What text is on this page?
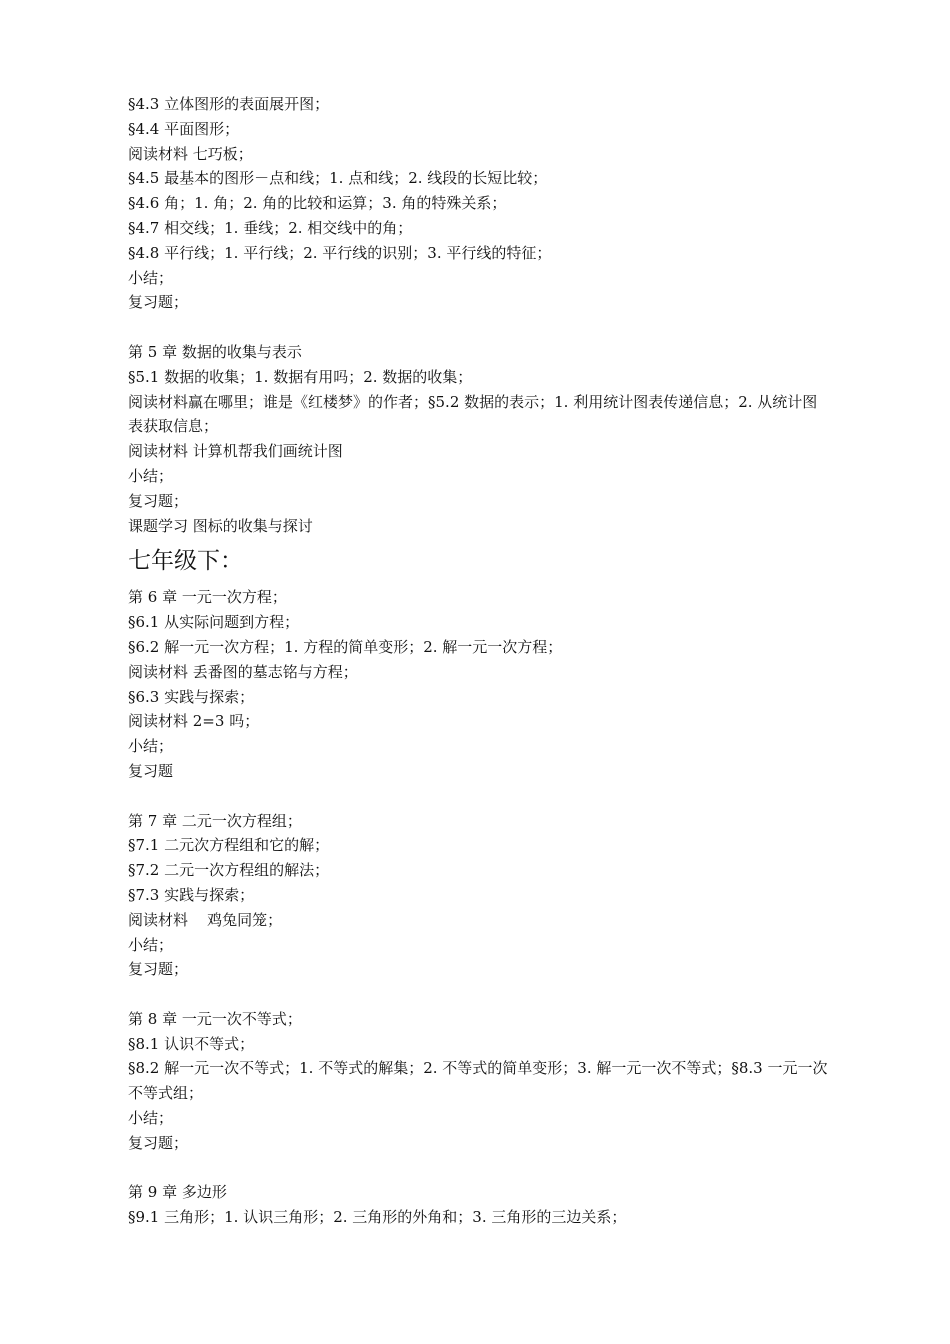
§4.3 立体图形的表面展开图；
§4.4 平面图形；
阅读材料 七巧板；
§4.5 最基本的图形－点和线；1. 点和线；2. 线段的长短比较；
§4.6 角；1. 角；2. 角的比较和运算；3. 角的特殊关系；
§4.7 相交线；1. 垂线；2. 相交线中的角；
§4.8 平行线；1. 平行线；2. 平行线的识别；3. 平行线的特征；
小结；
复习题；
第 5 章 数据的收集与表示
§5.1 数据的收集；1. 数据有用吗；2. 数据的收集；
阅读材料赢在哪里；谁是《红楼梦》的作者；§5.2 数据的表示；1. 利用统计图表传递信息；2. 从统计图表获取信息；
阅读材料 计算机帮我们画统计图
小结；
复习题；
课题学习 图标的收集与探讨
七年级下：
第 6 章 一元一次方程；
§6.1 从实际问题到方程；
§6.2 解一元一次方程；1. 方程的简单变形；2. 解一元一次方程；
阅读材料 丢番图的墓志铭与方程；
§6.3 实践与探索；
阅读材料 2=3 吗；
小结；
复习题
第 7 章 二元一次方程组；
§7.1 二元次方程组和它的解；
§7.2 二元一次方程组的解法；
§7.3 实践与探索；
阅读材料    鸡兔同笼；
小结；
复习题；
第 8 章 一元一次不等式；
§8.1 认识不等式；
§8.2 解一元一次不等式；1. 不等式的解集；2. 不等式的简单变形；3. 解一元一次不等式；§8.3 一元一次不等式组；
小结；
复习题；
第 9 章 多边形
§9.1 三角形；1. 认识三角形；2. 三角形的外角和；3. 三角形的三边关系；
